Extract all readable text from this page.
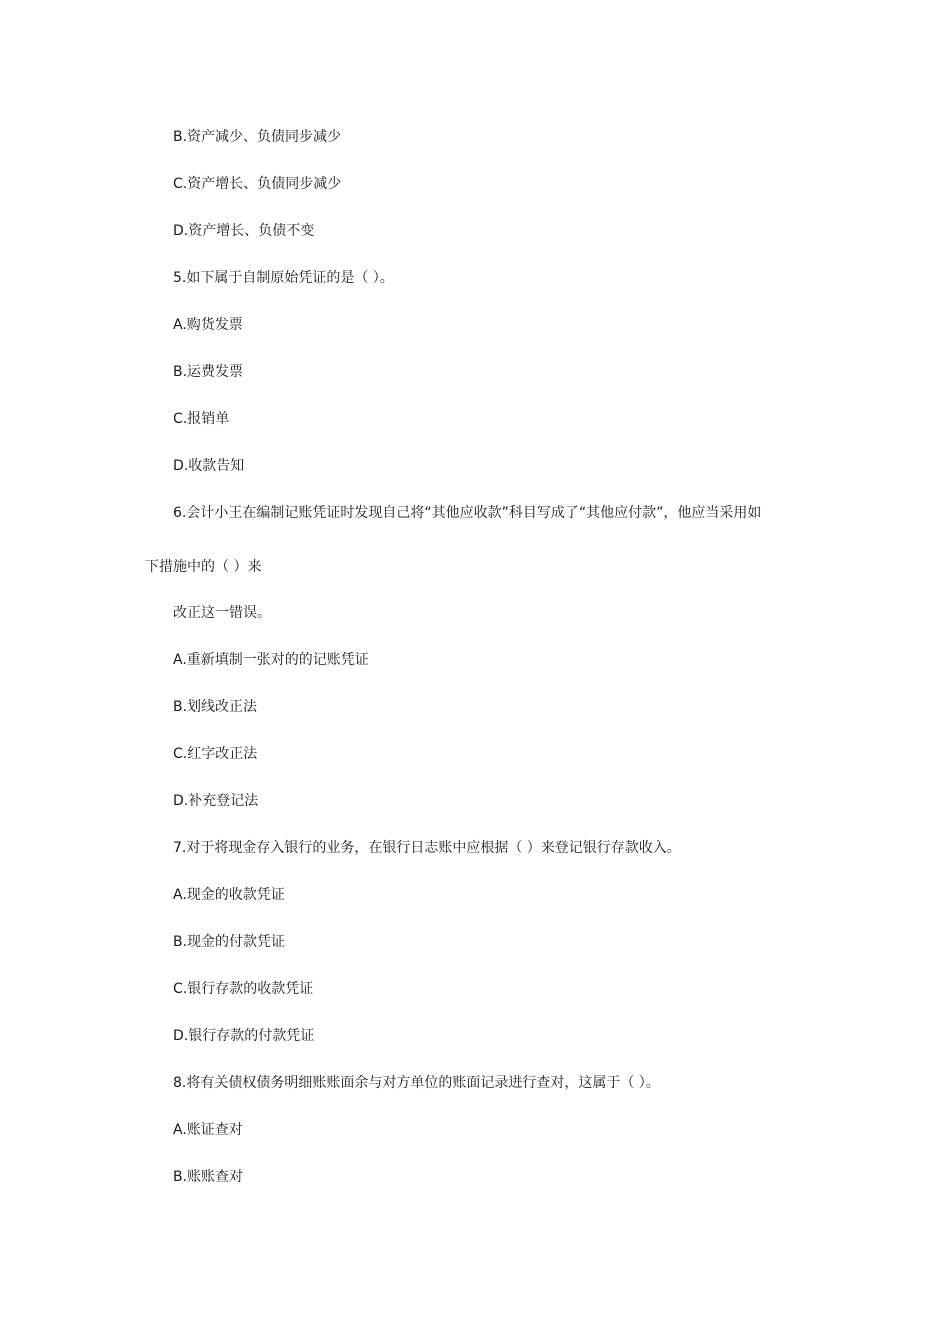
B.资产减少、负债同步减少

C.资产增长、负债同步减少

D.资产增长、负债不变

5.如下属于自制原始凭证的是（ ）。

A.购货发票

B.运费发票

C.报销单

D.收款告知

6.会计小王在编制记账凭证时发现自己将“其他应收款”科目写成了“其他应付款”，他应当采用如

下措施中的（ ）来

改正这一错误。

A.重新填制一张对的的记账凭证

B.划线改正法

C.红字改正法

D.补充登记法

7.对于将现金存入银行的业务，在银行日志账中应根据（ ）来登记银行存款收入。

A.现金的收款凭证

B.现金的付款凭证

C.银行存款的收款凭证

D.银行存款的付款凭证

8.将有关债权债务明细账账面余与对方单位的账面记录进行查对，这属于（ ）。

A.账证查对

B.账账查对
